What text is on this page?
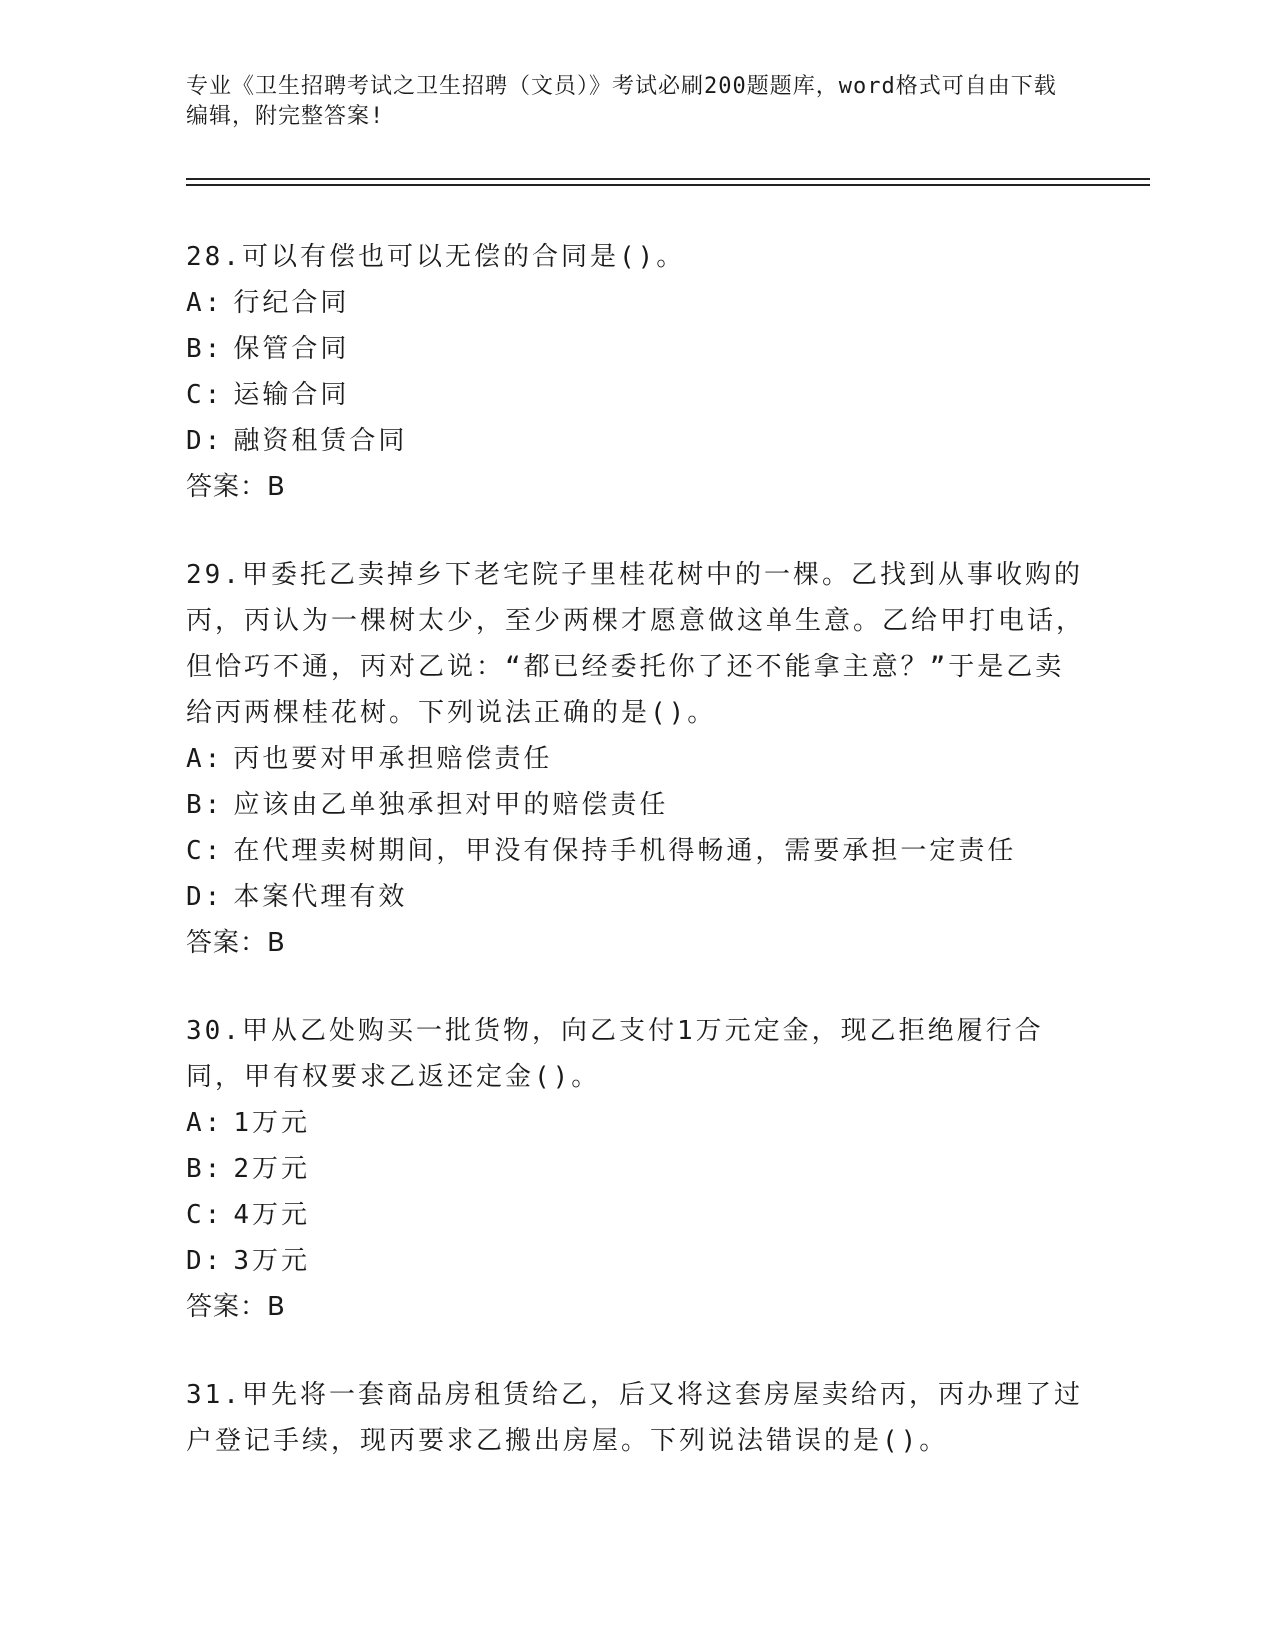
专业《卫生招聘考试之卫生招聘（文员）》考试必刷200题题库，word格式可自由下载编辑，附完整答案!
28.可以有偿也可以无偿的合同是()。
A: 行纪合同
B: 保管合同
C: 运输合同
D: 融资租赁合同
答案：B
29.甲委托乙卖掉乡下老宅院子里桂花树中的一棵。乙找到从事收购的丙，丙认为一棵树太少，至少两棵才愿意做这单生意。乙给甲打电话，但恰巧不通，丙对乙说：“都已经委托你了还不能拿主意？”于是乙卖给丙两棵桂花树。下列说法正确的是()。
A: 丙也要对甲承担赔偿责任
B: 应该由乙单独承担对甲的赔偿责任
C: 在代理卖树期间，甲没有保持手机得畅通，需要承担一定责任
D: 本案代理有效
答案：B
30.甲从乙处购买一批货物，向乙支付1万元定金，现乙拒绝履行合同，甲有权要求乙返还定金()。
A: 1万元
B: 2万元
C: 4万元
D: 3万元
答案：B
31.甲先将一套商品房租赁给乙，后又将这套房屋卖给丙，丙办理了过户登记手续，现丙要求乙搬出房屋。下列说法错误的是()。
